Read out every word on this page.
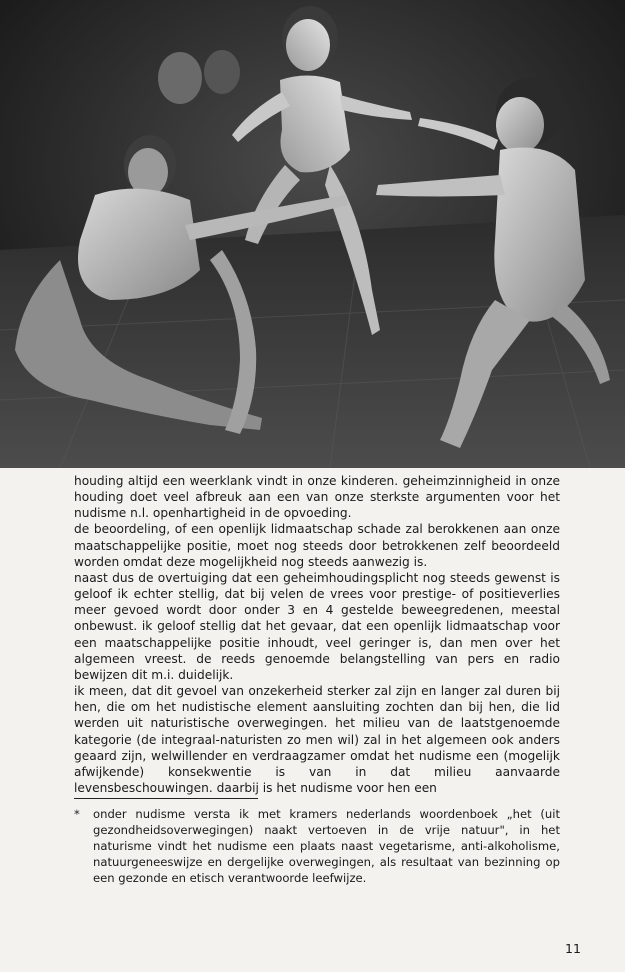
houding altijd een weerklank vindt in onze kinderen. geheimzinnigheid in onze houding doet veel afbreuk aan een van onze sterkste argumenten voor het nudisme n.l. openhartigheid in de opvoeding.

de beoordeling, of een openlijk lidmaatschap schade zal berokkenen aan onze maatschappelijke positie, moet nog steeds door betrokkenen zelf beoordeeld worden omdat deze mogelijkheid nog steeds aanwezig is.

naast dus de overtuiging dat een geheimhoudingsplicht nog steeds gewenst is geloof ik echter stellig, dat bij velen de vrees voor prestige- of positieverlies meer gevoed wordt door onder 3 en 4 gestelde beweegredenen, meestal onbewust. ik geloof stellig dat het gevaar, dat een openlijk lidmaatschap voor een maatschappelijke positie inhoudt, veel geringer is, dan men over het algemeen vreest. de reeds genoemde belangstelling van pers en radio bewijzen dit m.i. duidelijk.

ik meen, dat dit gevoel van onzekerheid sterker zal zijn en langer zal duren bij hen, die om het nudistische element aansluiting zochten dan bij hen, die lid werden uit naturistische overwegingen. het milieu van de laatstgenoemde kategorie (de integraal-naturisten zo men wil) zal in het algemeen ook anders geaard zijn, welwillender en verdraagzamer omdat het nudisme een (mogelijk afwijkende) konsekwentie is van in dat milieu aanvaarde levensbeschouwingen. daarbij is het nudisme voor hen een

*	onder nudisme versta ik met kramers nederlands woordenboek „het (uit gezondheidsoverwegingen) naakt vertoeven in de vrije natuur", in het naturisme vindt het nudisme een plaats naast vegetarisme, anti-alkoholisme, natuurgeneeswijze en dergelijke overwegingen, als resultaat van bezinning op een gezonde en etisch verantwoorde leefwijze.
11
